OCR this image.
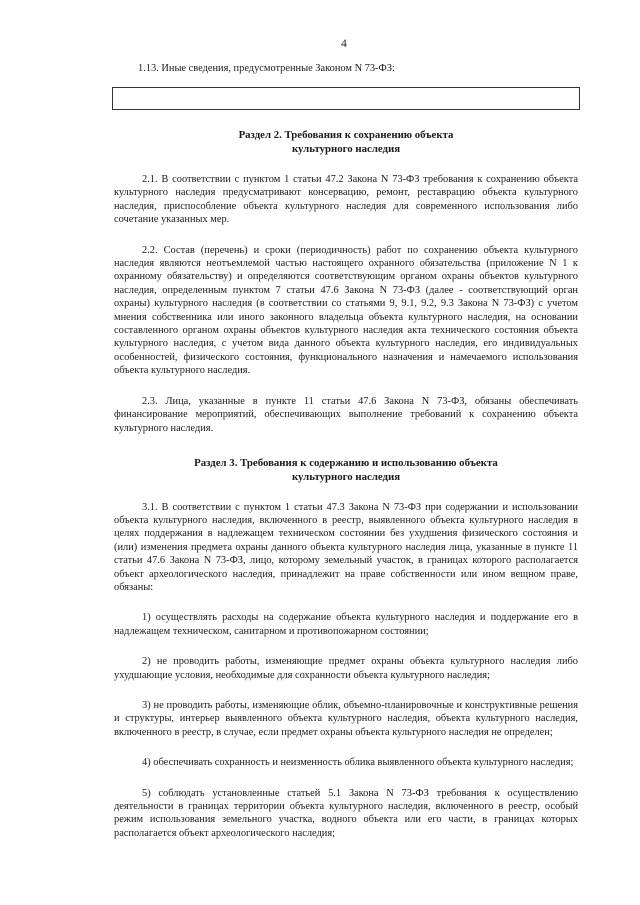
4

1.13. Иные сведения, предусмотренные Законом N 73-ФЗ:

Раздел 2. Требования к сохранению объекта

культурного наследия

2.1. В соответствии с пунктом 1 статьи 47.2 Закона N 73-ФЗ требования к сохранению объекта культурного наследия предусматривают консервацию, ремонт, реставрацию объекта культурного наследия, приспособление объекта культурного наследия для современного использования либо сочетание указанных мер.

2.2. Состав (перечень) и сроки (периодичность) работ по сохранению объекта культурного наследия являются неотъемлемой частью настоящего охранного обязательства (приложение N 1 к охранному обязательству) и определяются соответствующим органом охраны объектов культурного наследия, определенным пунктом 7 статьи 47.6 Закона N 73-ФЗ (далее - соответствующий орган охраны) культурного наследия (в соответствии со статьями 9, 9.1, 9.2, 9.3 Закона N 73-ФЗ) с учетом мнения собственника или иного законного владельца объекта культурного наследия, на основании составленного органом охраны объектов культурного наследия акта технического состояния объекта культурного наследия, с учетом вида данного объекта культурного наследия, его индивидуальных особенностей, физического состояния, функционального назначения и намечаемого использования объекта культурного наследия.

2.3. Лица, указанные в пункте 11 статьи 47.6 Закона N 73-ФЗ, обязаны обеспечивать финансирование мероприятий, обеспечивающих выполнение требований к сохранению объекта культурного наследия.

Раздел 3. Требования к содержанию и использованию объекта

культурного наследия

3.1. В соответствии с пунктом 1 статьи 47.3 Закона N 73-ФЗ при содержании и использовании объекта культурного наследия, включенного в реестр, выявленного объекта культурного наследия в целях поддержания в надлежащем техническом состоянии без ухудшения физического состояния и (или) изменения предмета охраны данного объекта культурного наследия лица, указанные в пункте 11 статьи 47.6 Закона N 73-ФЗ, лицо, которому земельный участок, в границах которого располагается объект археологического наследия, принадлежит на праве собственности или ином вещном праве, обязаны:

1) осуществлять расходы на содержание объекта культурного наследия и поддержание его в надлежащем техническом, санитарном и противопожарном состоянии;

2) не проводить работы, изменяющие предмет охраны объекта культурного наследия либо ухудшающие условия, необходимые для сохранности объекта культурного наследия;

3) не проводить работы, изменяющие облик, объемно-планировочные и конструктивные решения и структуры, интерьер выявленного объекта культурного наследия, объекта культурного наследия, включенного в реестр, в случае, если предмет охраны объекта культурного наследия не определен;

4) обеспечивать сохранность и неизменность облика выявленного объекта культурного наследия;

5) соблюдать установленные статьей 5.1 Закона N 73-ФЗ требования к осуществлению деятельности в границах территории объекта культурного наследия, включенного в реестр, особый режим использования земельного участка, водного объекта или его части, в границах которых располагается объект археологического наследия;
